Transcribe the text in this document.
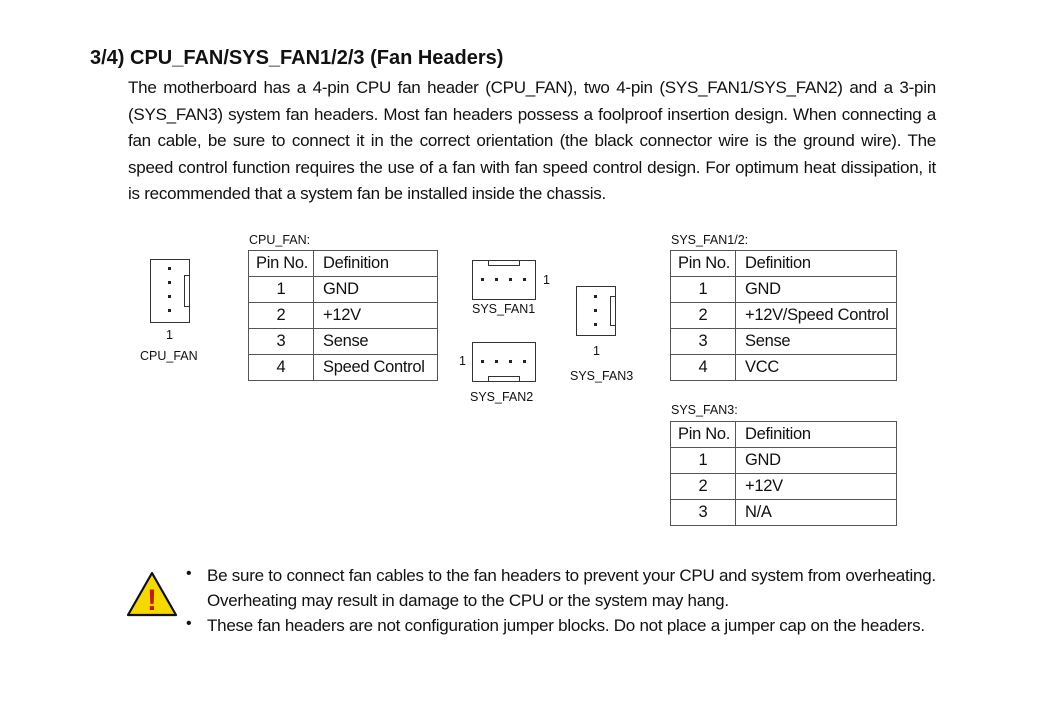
3/4) CPU_FAN/SYS_FAN1/2/3 (Fan Headers)
The motherboard has a 4-pin CPU fan header (CPU_FAN), two 4-pin (SYS_FAN1/SYS_FAN2) and a 3-pin (SYS_FAN3) system fan headers. Most fan headers possess a foolproof insertion design. When connecting a fan cable, be sure to connect it in the correct orientation (the black connector wire is the ground wire). The speed control function requires the use of a fan with fan speed control design. For optimum heat dissipation, it is recommended that a system fan be installed inside the chassis.
1
CPU_FAN
CPU_FAN:
Pin No.	Definition
1	GND
2	+12V
3	Sense
4	Speed Control
1
SYS_FAN1
1
SYS_FAN2
1
SYS_FAN3
SYS_FAN1/2:
Pin No.	Definition
1	GND
2	+12V/Speed Control
3	Sense
4	VCC
SYS_FAN3:
Pin No.	Definition
1	GND
2	+12V
3	N/A
!
• Be sure to connect fan cables to the fan headers to prevent your CPU and system from overheating. Overheating may result in damage to the CPU or the system may hang.
• These fan headers are not configuration jumper blocks. Do not place a jumper cap on the headers.
